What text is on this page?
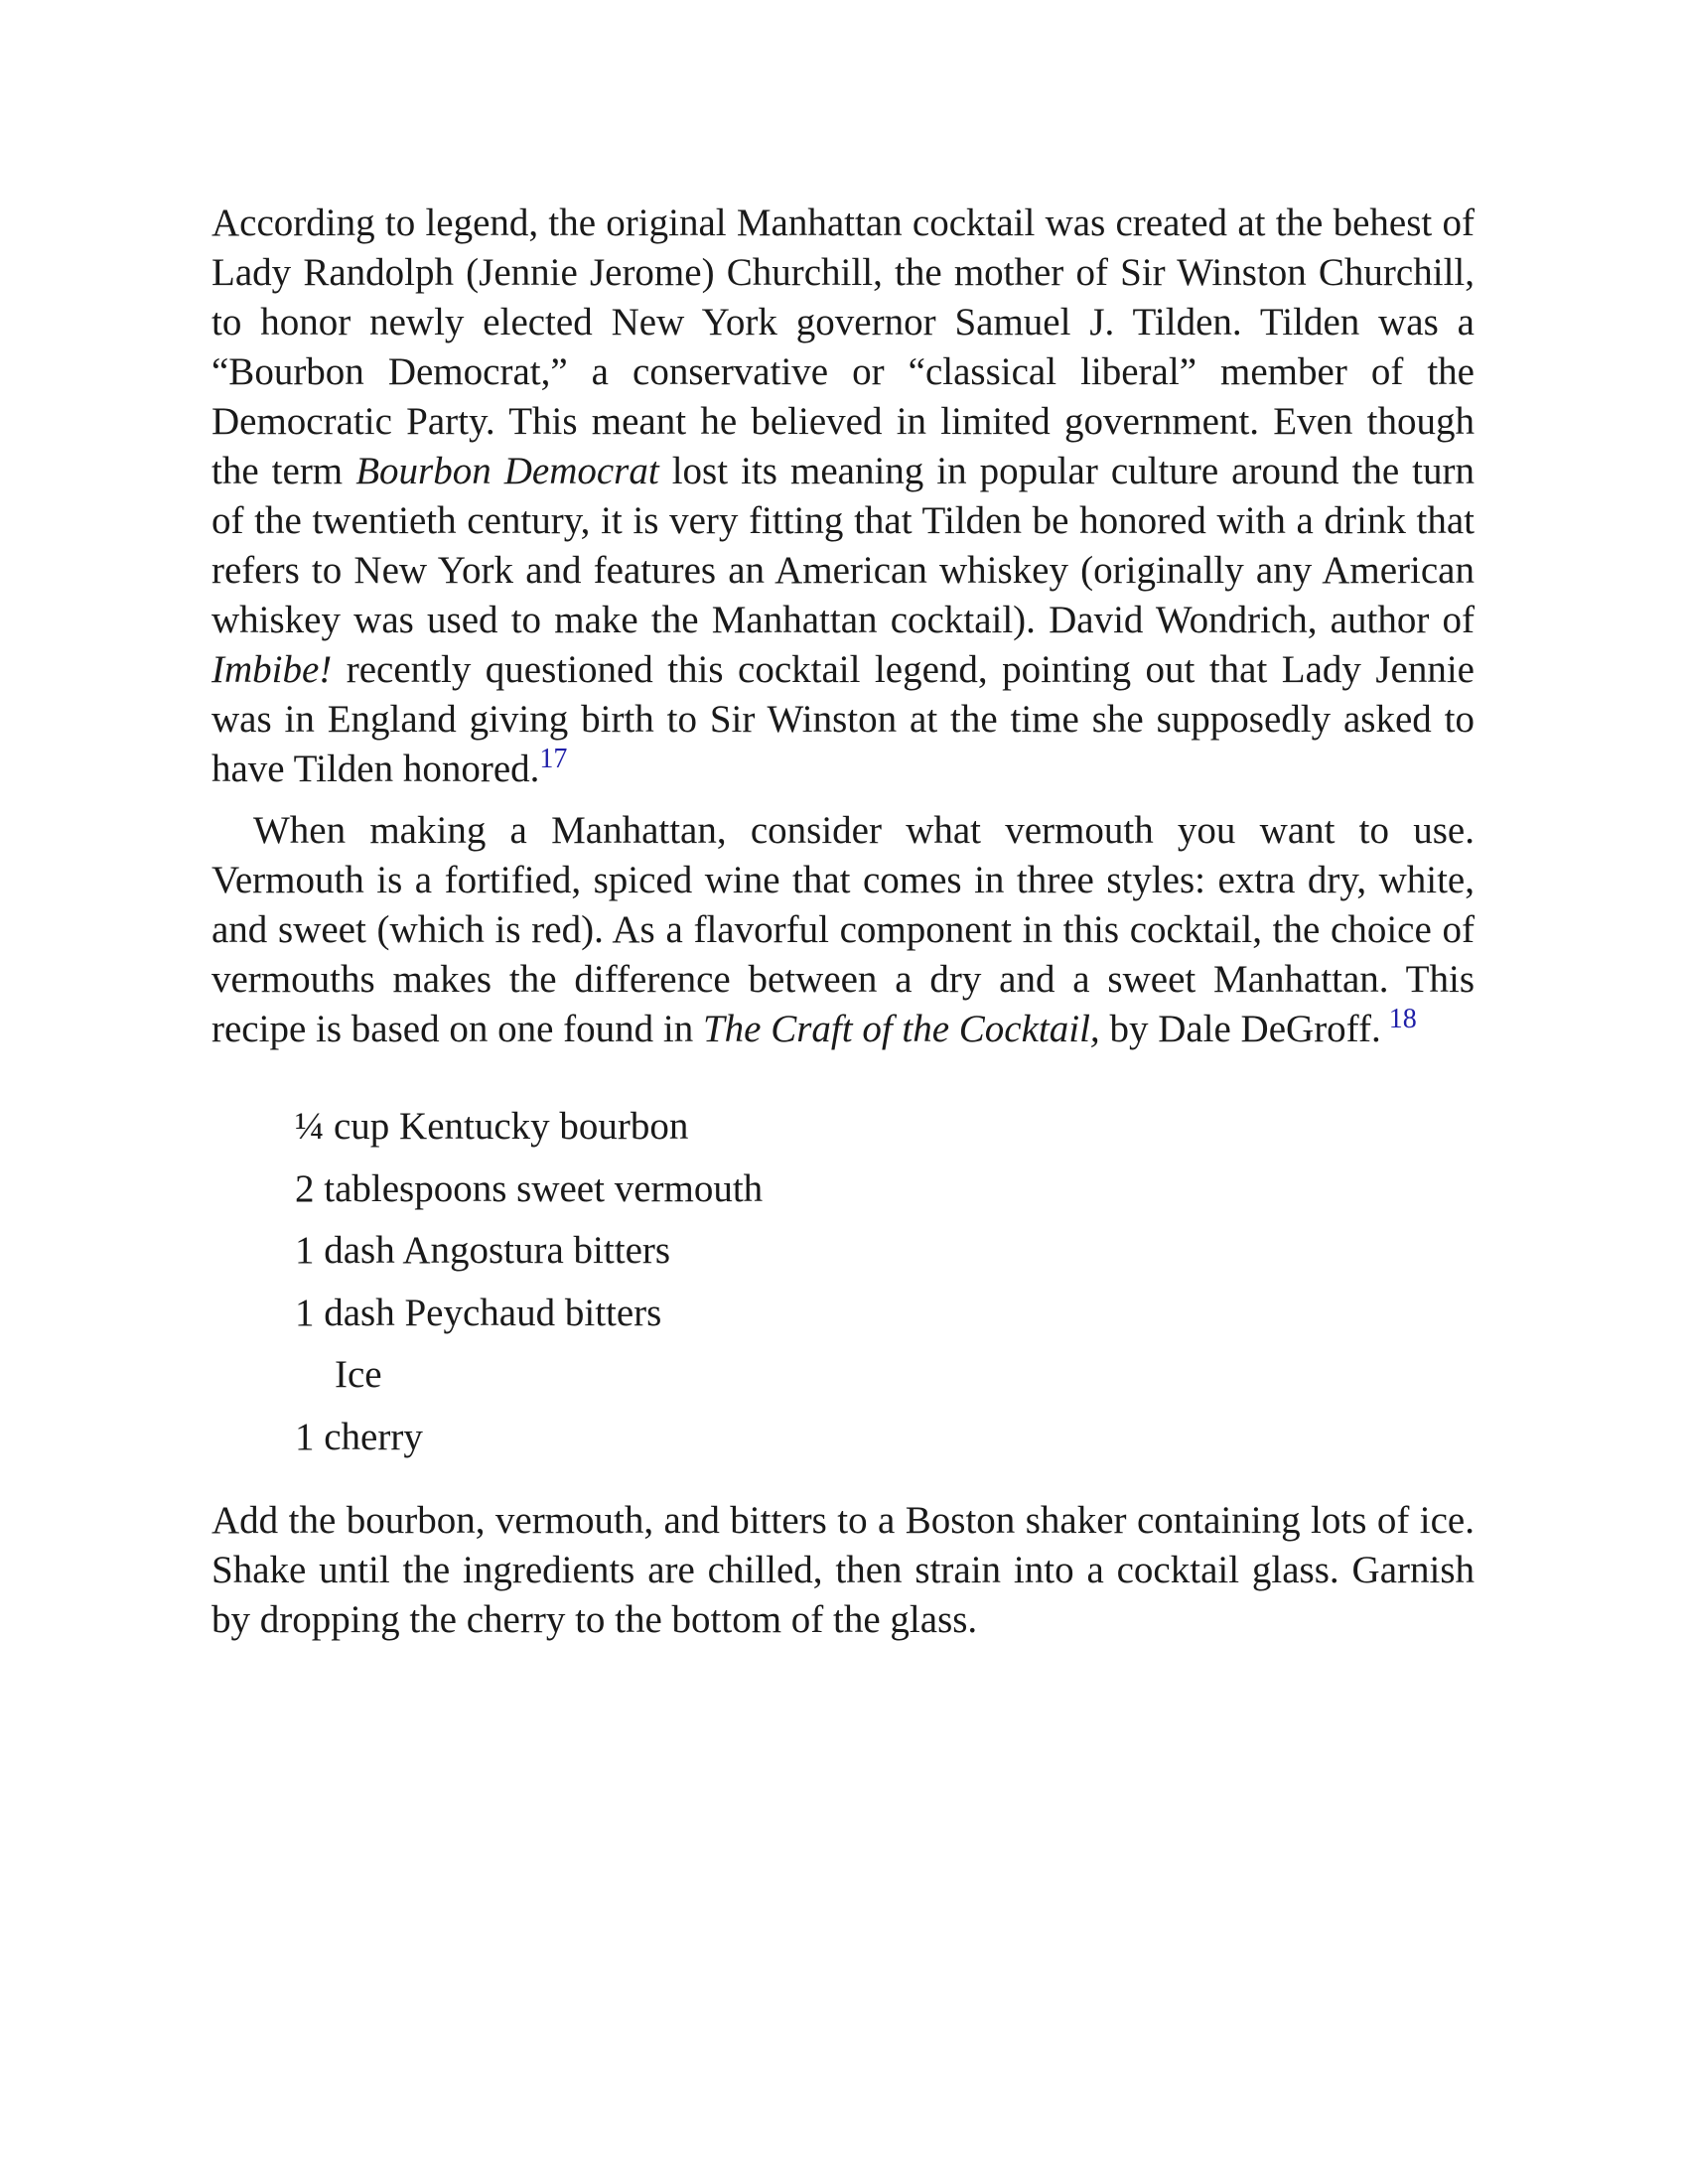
According to legend, the original Manhattan cocktail was created at the behest of Lady Randolph (Jennie Jerome) Churchill, the mother of Sir Winston Churchill, to honor newly elected New York governor Samuel J. Tilden. Tilden was a “Bourbon Democrat,” a conservative or “classical liberal” member of the Democratic Party. This meant he believed in limited government. Even though the term Bourbon Democrat lost its meaning in popular culture around the turn of the twentieth century, it is very fitting that Tilden be honored with a drink that refers to New York and features an American whiskey (originally any American whiskey was used to make the Manhattan cocktail). David Wondrich, author of Imbibe! recently questioned this cocktail legend, pointing out that Lady Jennie was in England giving birth to Sir Winston at the time she supposedly asked to have Tilden honored.$^{17}$

When making a Manhattan, consider what vermouth you want to use. Vermouth is a fortified, spiced wine that comes in three styles: extra dry, white, and sweet (which is red). As a flavorful component in this cocktail, the choice of vermouths makes the difference between a dry and a sweet Manhattan. This recipe is based on one found in The Craft of the Cocktail, by Dale DeGroff. $^{18}$

¼ cup Kentucky bourbon
2 tablespoons sweet vermouth
1 dash Angostura bitters
1 dash Peychaud bitters
Ice
1 cherry

Add the bourbon, vermouth, and bitters to a Boston shaker containing lots of ice. Shake until the ingredients are chilled, then strain into a cocktail glass. Garnish by dropping the cherry to the bottom of the glass.
